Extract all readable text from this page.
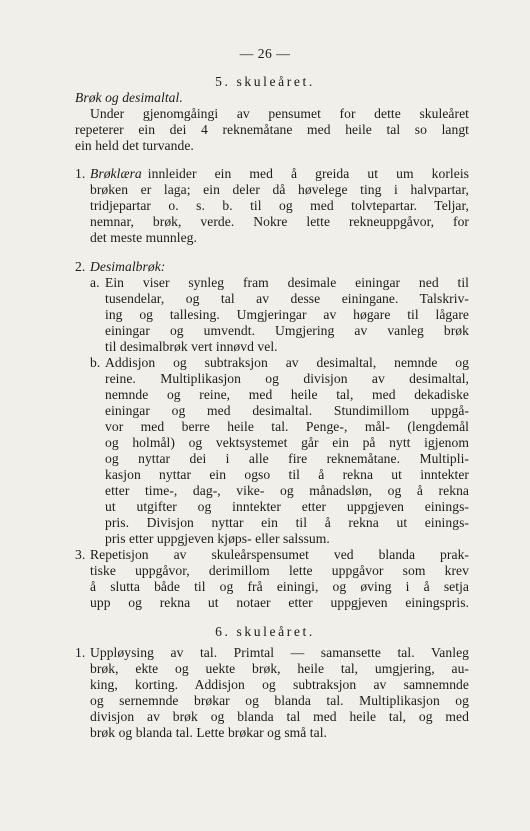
— 26 —
5. skuleåret.
Brøk og desimaltal.
Under gjenomgåingi av pensumet for dette skuleåret
repeterer ein dei 4 reknemåtane med heile tal so langt
ein held det turvande.
1. Brøklæra innleider ein med å greida ut um korleis
brøken er laga; ein deler då høvelege ting i halvpartar,
tridjepartar o. s. b. til og med tolvtepartar. Teljar,
nemnar, brøk, verde. Nokre lette rekneuppgåvor, for
det meste munnleg.
2. Desimalbrøk:
a. Ein viser synleg fram desimale einingar ned til
tusendelar, og tal av desse einingane. Talskriv-
ing og tallesing. Umgjeringar av høgare til lågare
einingar og umvendt. Umgjering av vanleg brøk
til desimalbrøk vert innøvd vel.
b. Addisjon og subtraksjon av desimaltal, nemnde og
reine. Multiplikasjon og divisjon av desimaltal,
nemnde og reine, med heile tal, med dekadiske
einingar og med desimaltal. Stundimillom uppgå-
vor med berre heile tal. Penge-, mål- (lengdemål
og holmål) og vektsystemet går ein på nytt igjenom
og nyttar dei i alle fire reknemåtane. Multipli-
kasjon nyttar ein ogso til å rekna ut inntekter
etter time-, dag-, vike- og månadsløn, og å rekna
ut utgifter og inntekter etter uppgjeven einings-
pris. Divisjon nyttar ein til å rekna ut einings-
pris etter uppgjeven kjøps- eller salssum.
3. Repetisjon av skuleårspensumet ved blanda prak-
tiske uppgåvor, derimillom lette uppgåvor som krev
å slutta både til og frå einingi, og øving i å setja
upp og rekna ut notaer etter uppgjeven einingspris.
6. skuleåret.
1. Uppløysing av tal. Primtal — samansette tal. Vanleg
brøk, ekte og uekte brøk, heile tal, umgjering, au-
king, korting. Addisjon og subtraksjon av samnemnde
og sernemnde brøkar og blanda tal. Multiplikasjon og
divisjon av brøk og blanda tal med heile tal, og med
brøk og blanda tal. Lette brøkar og små tal.
